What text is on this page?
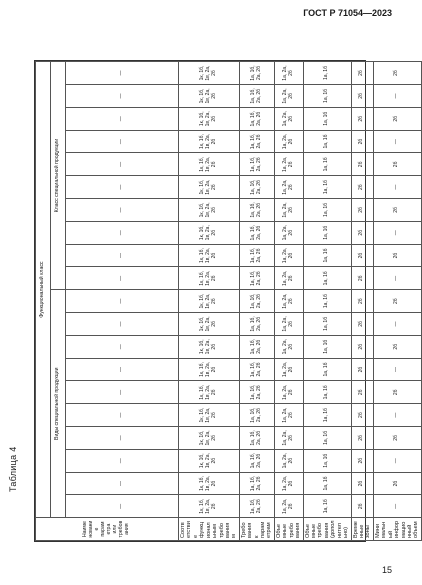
ГОСТ Р 71054—2023
Таблица 4
Наименование параметра или требования	Функциональный класс																			
	Виды специальной продукции										Класс специальной продукции									
	—	—	—	—	—	—	—	—	—	—	—	—	—	—	—	—	—	—	—	—
Соответствие функциональным требованиям	1к, 1б, 1в, 2а, 2б	1к, 1б, 1в, 2а, 2б	1к, 1б, 1в, 2а, 2б	1к, 1б, 1в, 2а, 2б	1к, 1б, 1в, 2а, 2б	1к, 1б, 1в, 2а, 2б	1к, 1б, 1в, 2а, 2б	1к, 1б, 1в, 2а, 2б	1к, 1б, 1в, 2а, 2б	1к, 1б, 1в, 2а, 2б	1к, 1б, 1в, 2а, 2б	1к, 1б, 1в, 2а, 2б	1к, 1б, 1в, 2а, 2б	1к, 1б, 1в, 2а, 2б	1к, 1б, 1в, 2а, 2б	1к, 1б, 1в, 2а, 2б	1к, 1б, 1в, 2а, 2б	1к, 1б, 1в, 2а, 2б	1к, 1б, 1в, 2а, 2б	1к, 1б, 1в, 2а, 2б
Требования к параметрам	1а, 1б, 2а, 2б	1а, 1б, 2а, 2б	1а, 1б, 2а, 2б	1а, 1б, 2а, 2б	1а, 1б, 2а, 2б	1а, 1б, 2а, 2б	1а, 1б, 2а, 2б	1а, 1б, 2а, 2б	1а, 1б, 2а, 2б	1а, 1б, 2а, 2б	1а, 1б, 2а, 2б	1а, 1б, 2а, 2б	1а, 1б, 2а, 2б	1а, 1б, 2а, 2б	1а, 1б, 2а, 2б	1а, 1б, 2а, 2б	1а, 1б, 2а, 2б	1а, 1б, 2а, 2б	1а, 1б, 2а, 2б	1а, 1б, 2а, 2б
Объемные требования	1а, 2а, 2б	1а, 2а, 2б	1а, 2а, 2б	1а, 2а, 2б	1а, 2а, 2б	1а, 2а, 2б	1а, 2а, 2б	1а, 2а, 2б	1а, 2а, 2б	1а, 2а, 2б	1а, 2а, 2б	1а, 2а, 2б	1а, 2а, 2б	1а, 2а, 2б	1а, 2а, 2б	1а, 2а, 2б	1а, 2а, 2б	1а, 2а, 2б	1а, 2а, 2б	1а, 2а, 2б
Объемные требования (дополнительно)	1а, 1б	1а, 1б	1а, 1б	1а, 1б	1а, 1б	1а, 1б	1а, 1б	1а, 1б	1а, 1б	1а, 1б	1а, 1б	1а, 1б	1а, 1б	1а, 1б	1а, 1б	1а, 1б	1а, 1б	1а, 1б	1а, 1б	1а, 1б
Временные зоны	2б	2б	2б	2б	2б	2б	2б	2б	2б	2б	2б	2б	2б	2б	2б	2б	2б	2б	2б	2б
Минимальный информационный объем	—	2б	—	2б	—	2б	—	2б	—	2б	—	2б	—	2б	—	2б	—	2б	—	2б
15
